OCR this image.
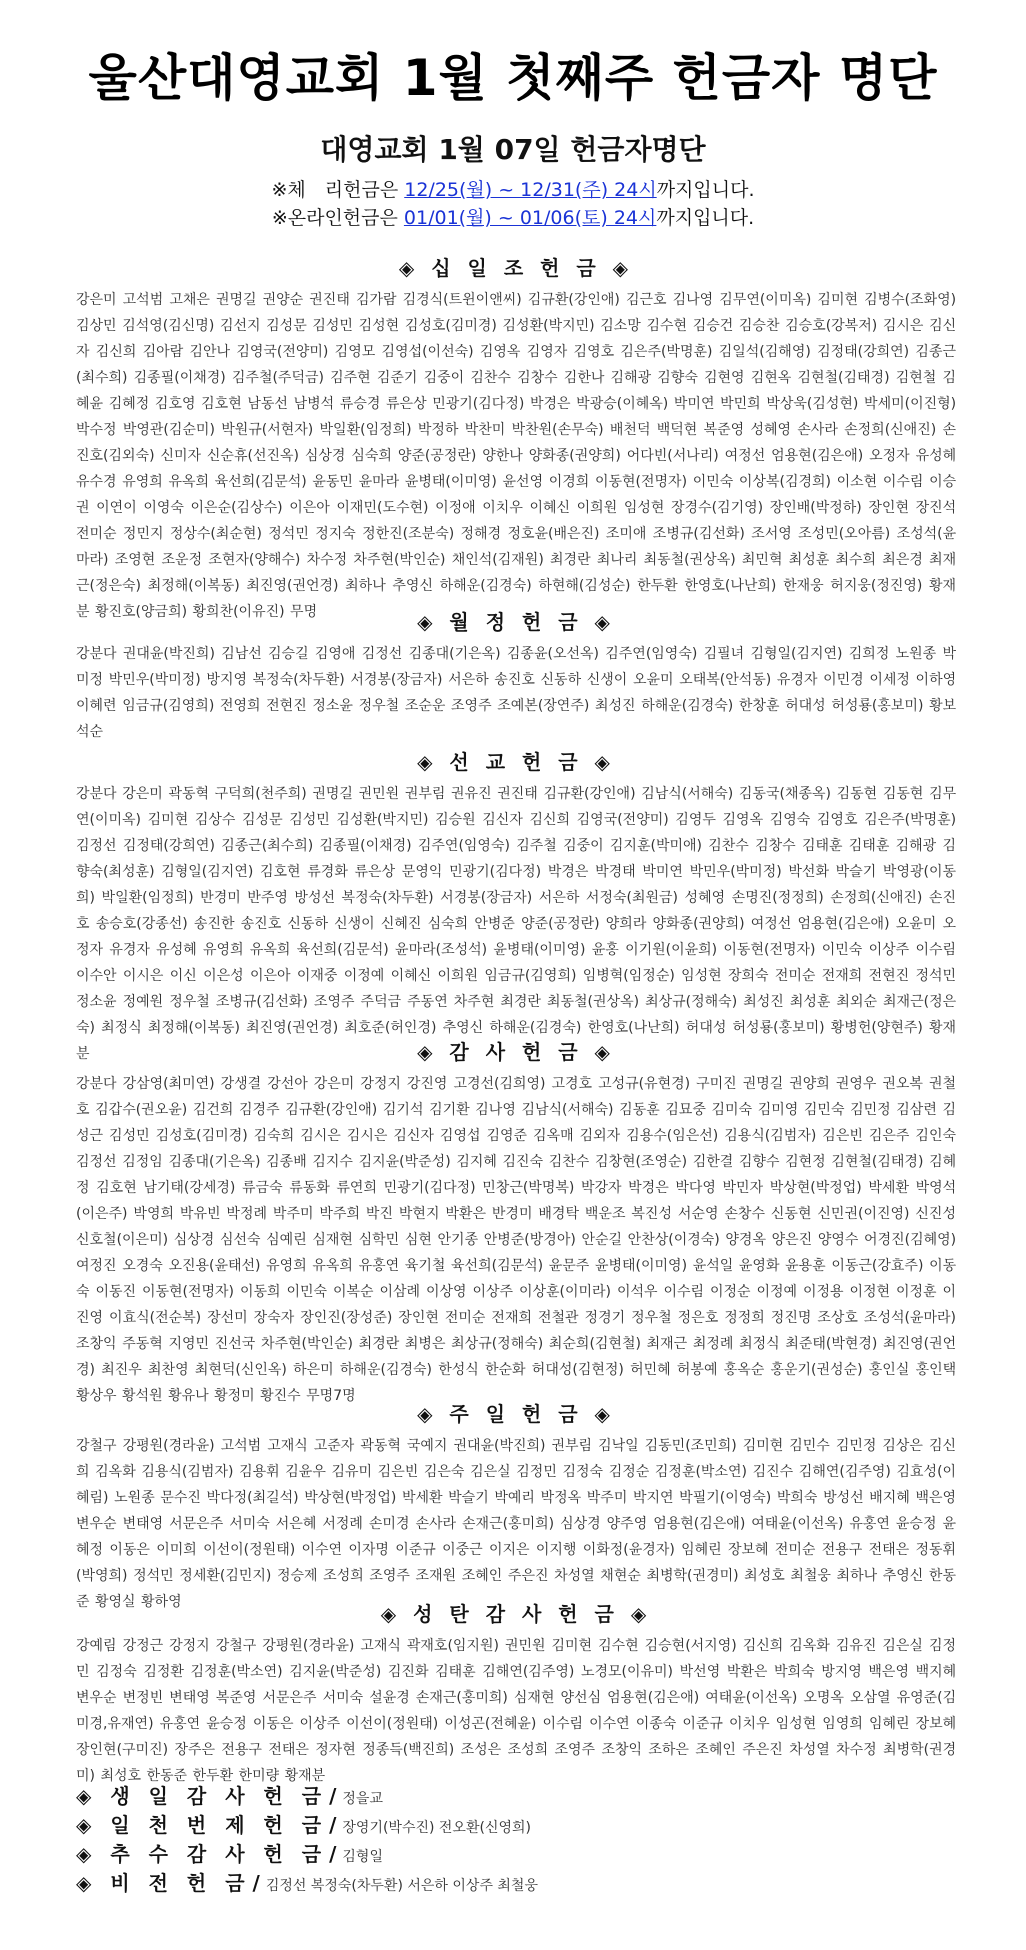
울산대영교회 1월 첫째주 헌금자 명단
대영교회 1월 07일 헌금자명단

※체　리헌금은 12/25(월) ~ 12/31(주) 24시까지입니다.

※온라인헌금은 01/01(월) ~ 01/06(토) 24시까지입니다.

◈ 십 일 조 헌 금 ◈

강은미 고석범 고채은 권명길 권양순 권진태 김가람 김경식(트윈이앤씨) 김규환(강인애) 김근호 김나영 김무연(이미옥) 김미현 김병수(조화영) 김상민 김석영(김신명) 김선지 김성문 김성민 김성현 김성호(김미경) 김성환(박지민) 김소망 김수현 김승건 김승찬 김승호(강복저) 김시은 김신자 김신희 김아람 김안나 김영국(전양미) 김영모 김영섭(이선숙) 김영옥 김영자 김영호 김은주(박명훈) 김일석(김해영) 김정태(강희연) 김종근(최수희) 김종필(이채경) 김주철(주덕금) 김주현 김준기 김중이 김찬수 김창수 김한나 김해광 김향숙 김현영 김현옥 김현철(김태경) 김현철 김혜윤 김혜정 김호영 김호현 남동선 남병석 류승경 류은상 민광기(김다정) 박경은 박광승(이혜옥) 박미연 박민희 박상욱(김성현) 박세미(이진형) 박수정 박영관(김순미) 박원규(서현자) 박일환(임정희) 박정하 박찬미 박찬원(손무숙) 배천덕 백덕현 복준영 성혜영 손사라 손정희(신애진) 손진호(김외숙) 신미자 신순휴(선진옥) 심상경 심숙희 양준(공정란) 양한나 양화종(권양희) 어다빈(서나리) 여정선 엄용현(김은애) 오정자 유성혜 유수경 유영희 유옥희 육선희(김문석) 윤동민 윤마라 윤병태(이미영) 윤선영 이경희 이동현(전명자) 이민숙 이상복(김경희) 이소현 이수림 이승권 이연이 이영숙 이은순(김상수) 이은아 이재민(도수현) 이정애 이치우 이혜신 이희원 임성현 장경수(김기영) 장인배(박정하) 장인현 장진석 전미순 정민지 정상수(최순현) 정석민 정지숙 정한진(조분숙) 정해경 정호윤(배은진) 조미애 조병규(김선화) 조서영 조성민(오아름) 조성석(윤마라) 조영현 조운정 조현자(양해수) 차수정 차주현(박인순) 채인석(김재원) 최경란 최나리 최동철(권상옥) 최민혁 최성훈 최수희 최은경 최재근(정은숙) 최정해(이복동) 최진영(권언경) 최하나 추영신 하해운(김경숙) 하현해(김성순) 한두환 한영호(나난희) 한재웅 허지웅(정진영) 황재분 황진호(양금희) 황희찬(이유진) 무명	◈ 월 정 헌 금 ◈

강분다 권대윤(박진희) 김남선 김승길 김영애 김정선 김종대(기은옥) 김종윤(오선옥) 김주연(임영숙) 김필녀 김형일(김지연) 김희정 노원종 박미정 박민우(박미정) 방지영 복정숙(차두환) 서경봉(장금자) 서은하 송진호 신동하 신생이 오윤미 오태복(안석동) 유경자 이민경 이세정 이하영 이혜련 임금규(김영희) 전영희 전현진 정소윤 정우철 조순운 조영주 조예본(장연주) 최성진 하해운(김경숙) 한창훈 허대성 허성룡(홍보미) 황보석순

◈ 선 교 헌 금 ◈

강분다 강은미 곽동혁 구덕희(천주희) 권명길 권민원 권부림 권유진 권진태 김규환(강인애) 김남식(서해숙) 김동국(채종옥) 김동현 김동현 김무연(이미옥) 김미현 김상수 김성문 김성민 김성환(박지민) 김승원 김신자 김신희 김영국(전양미) 김영두 김영옥 김영숙 김영호 김은주(박명훈) 김정선 김정태(강희연) 김종근(최수희) 김종필(이채경) 김주연(임영숙) 김주철 김중이 김지훈(박미애) 김찬수 김창수 김태훈 김태훈 김해광 김향숙(최성훈) 김형일(김지연) 김호현 류경화 류은상 문영익 민광기(김다정) 박경은 박경태 박미연 박민우(박미정) 박선화 박슬기 박영광(이동희) 박일환(임정희) 반경미 반주영 방성선 복정숙(차두환) 서경봉(장금자) 서은하 서정숙(최원금) 성혜영 손명진(정정희) 손정희(신애진) 손진호 송승호(강종선) 송진한 송진호 신동하 신생이 신혜진 심숙희 안병준 양준(공정란) 양희라 양화종(권양희) 여정선 엄용현(김은애) 오윤미 오정자 유경자 유성혜 유영희 유옥희 육선희(김문석) 윤마라(조성석) 윤병태(이미영) 윤홍 이기원(이윤희) 이동현(전명자) 이민숙 이상주 이수림 이수안 이시은 이신 이은성 이은아 이재중 이정예 이혜신 이희원 임금규(김영희) 임병혁(임정순) 임성현 장희숙 전미순 전재희 전현진 정석민 정소윤 정예원 정우철 조병규(김선화) 조영주 주덕금 주동연 차주현 최경란 최동철(권상옥) 최상규(정해숙) 최성진 최성훈 최외순 최재근(정은숙) 최정식 최정해(이복동) 최진영(권언경) 최호준(허인경) 추영신 하해운(김경숙) 한영호(나난희) 허대성 허성룡(홍보미) 황병헌(양현주) 황재분	◈ 감 사 헌 금 ◈

강분다 강삼영(최미연) 강생결 강선아 강은미 강정지 강진영 고경선(김희영) 고경호 고성규(유현경) 구미진 권명길 권양희 권영우 권오복 권철호 김갑수(권오윤) 김건희 김경주 김규환(강인애) 김기석 김기환 김나영 김남식(서해숙) 김동훈 김묘중 김미숙 김미영 김민숙 김민정 김삼련 김성근 김성민 김성호(김미경) 김숙희 김시은 김시은 김신자 김영섭 김영준 김옥매 김외자 김용수(임은선) 김용식(김범자) 김은빈 김은주 김인숙 김정선 김정임 김종대(기은옥) 김종배 김지수 김지윤(박준성) 김지혜 김진숙 김찬수 김창현(조영순) 김한결 김향수 김현정 김현철(김태경) 김혜정 김호현 남기태(강세경) 류금숙 류동화 류연희 민광기(김다정) 민창근(박명복) 박강자 박경은 박다영 박민자 박상현(박정업) 박세환 박영석(이은주) 박영희 박유빈 박정례 박주미 박주희 박진 박현지 박환은 반경미 배경탁 백운조 복진성 서순영 손창수 신동현 신민권(이진영) 신진성 신호철(이은미) 심상경 심선숙 심예린 심재현 심학민 심현 안기종 안병준(방경아) 안순길 안찬상(이경숙) 양경옥 양은진 양영수 어경진(김혜영) 여정진 오경숙 오진용(윤태선) 유영희 유옥희 유홍연 육기철 육선희(김문석) 윤문주 윤병태(이미영) 윤석일 윤영화 윤용훈 이동근(강효주) 이동숙 이동진 이동현(전명자) 이동희 이민숙 이복순 이삼례 이상영 이상주 이상훈(이미라) 이석우 이수림 이정순 이정예 이정용 이정현 이정훈 이진영 이효식(전순복) 장선미 장숙자 장인진(장성준) 장인현 전미순 전재희 전철관 정경기 정우철 정은호 정정희 정진명 조상호 조성석(윤마라) 조창익 주동혁 지영민 진선국 차주현(박인순) 최경란 최병은 최상규(정해숙) 최순희(김현철) 최재근 최정례 최정식 최준태(박현경) 최진영(권언경) 최진우 최찬영 최현덕(신인옥) 하은미 하해운(김경숙) 한성식 한순화 허대성(김현정) 허민혜 허봉예 홍옥순 홍운기(권성순) 홍인실 홍인택 황상우 황석원 황유나 황정미 황진수 무명7명

◈ 주 일 헌 금 ◈

강철구 강평원(경라윤) 고석범 고재식 고준자 곽동혁 국예지 권대윤(박진희) 권부림 김낙일 김동민(조민희) 김미현 김민수 김민정 김상은 김신희 김옥화 김용식(김범자) 김용휘 김윤우 김유미 김은빈 김은숙 김은실 김정민 김정숙 김정순 김정훈(박소연) 김진수 김해연(김주영) 김효성(이혜림) 노원종 문수진 박다정(최길석) 박상현(박정업) 박세환 박슬기 박예리 박정옥 박주미 박지연 박필기(이영숙) 박희숙 방성선 배지혜 백은영 변우순 변태영 서문은주 서미숙 서은혜 서정례 손미경 손사라 손재근(홍미희) 심상경 양주영 엄용현(김은애) 여태윤(이선옥) 유홍연 윤승정 윤혜정 이동은 이미희 이선이(정원태) 이수연 이자명 이준규 이중근 이지은 이지행 이화정(윤경자) 임혜린 장보혜 전미순 전용구 전태은 정동휘(박영희) 정석민 정세환(김민지) 정승제 조성희 조영주 조재원 조혜인 주은진 차성열 채현순 최병학(권경미) 최성호 최철웅 최하나 추영신 한동준 황영실 황하영	◈ 성 탄 감 사 헌 금 ◈

강예림 강정근 강정지 강철구 강평원(경라윤) 고재식 곽재호(임지원) 권민원 김미현 김수현 김승현(서지영) 김신희 김옥화 김유진 김은실 김정민 김정숙 김정환 김정훈(박소연) 김지윤(박준성) 김진화 김태훈 김해연(김주영) 노경모(이유미) 박선영 박환은 박희숙 방지영 백은영 백지혜 변우순 변정빈 변태영 복준영 서문은주 서미숙 설윤경 손재근(홍미희) 심재현 양선심 엄용현(김은애) 여태윤(이선옥) 오명옥 오삼열 유영준(김미경,유재연) 유홍연 윤승정 이동은 이상주 이선이(정원태) 이성곤(전혜윤) 이수림 이수연 이종숙 이준규 이치우 임성현 임영희 임혜린 장보혜 장인현(구미진) 장주은 전용구 전태은 정자현 정종득(백진희) 조성은 조성희 조영주 조창익 조하은 조혜인 주은진 차성열 차수정 최병학(권경미) 최성호 한동준 한두환 한미량 황재분

◈ 생 일 감 사 헌 금 / 정을교
◈ 일 천 번 제 헌 금 / 장영기(박수진) 전오환(신영희)
◈ 추 수 감 사 헌 금 / 김형일
◈ 비 전 헌 금 / 김정선 복정숙(차두환) 서은하 이상주 최철웅
